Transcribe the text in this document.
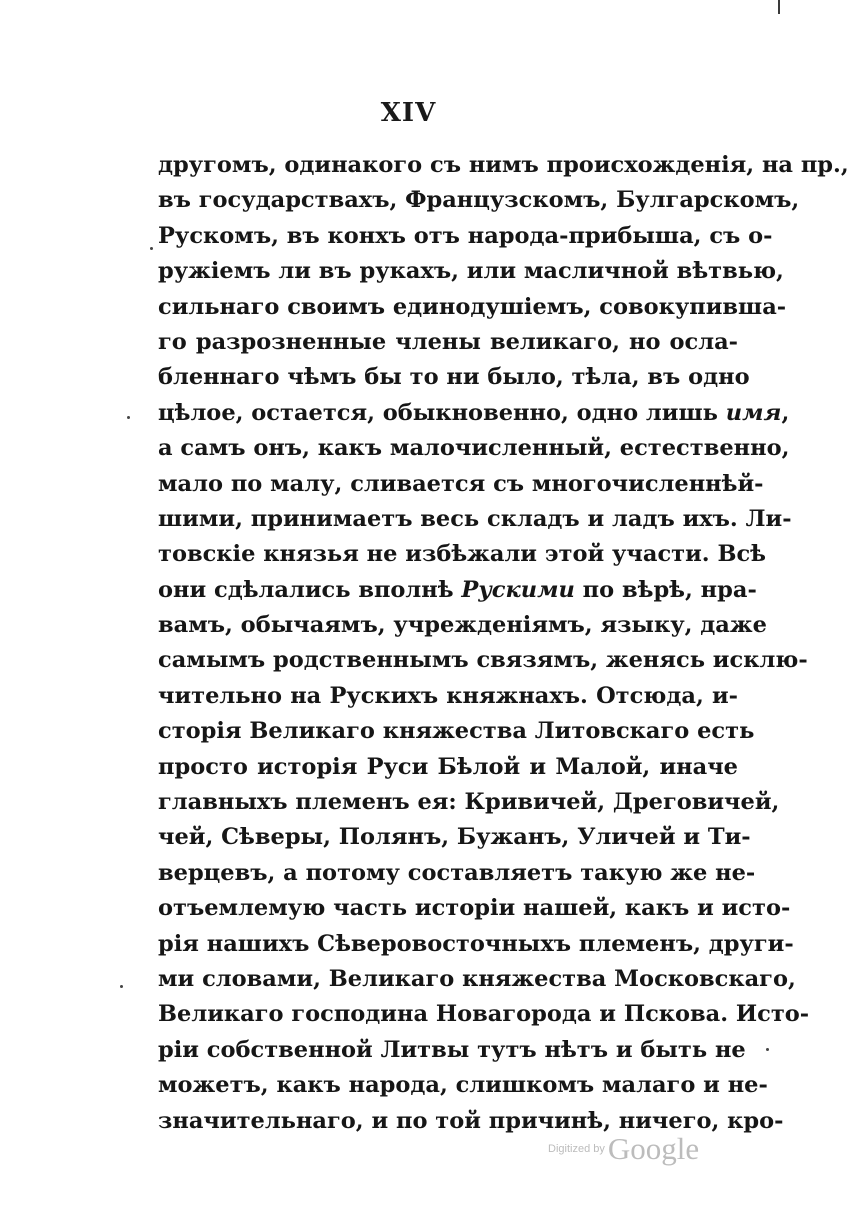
XIV
другомъ, одинакого съ нимъ происхожденія, на пр.,
въ государствахъ, Французскомъ, Булгарскомъ,
Рускомъ, въ конхъ отъ народа-прибыша, съ о-
ружіемъ ли въ рукахъ, или масличной вѣтвью,
сильнаго своимъ единодушіемъ, совокупивша-
го разрозненные члены великаго, но осла-
бленнаго чѣмъ бы то ни было, тѣла, въ одно
цѣлое, остается, обыкновенно, одно лишь имя,
а самъ онъ, какъ малочисленный, естественно,
мало по малу, сливается съ многочисленнѣй-
шими, принимаетъ весь складъ и ладъ ихъ. Ли-
товскіе князья не избѣжали этой участи. Всѣ
они сдѣлались вполнѣ Рускими по вѣрѣ, нра-
вамъ, обычаямъ, учрежденіямъ, языку, даже
самымъ родственнымъ связямъ, женясь исклю-
чительно на Рускихъ княжнахъ. Отсюда, и-
сторія Великаго княжества Литовскаго есть
просто исторія Руси Бѣлой и Малой, иначе
главныхъ племенъ ея: Кривичей, Дреговичей,
чей, Сѣверы, Полянъ, Бужанъ, Уличей и Ти-
верцевъ, а потому составляетъ такую же не-
отъемлемую часть исторіи нашей, какъ и исто-
рія нашихъ Сѣверовосточныхъ племенъ, други-
ми словами, Великаго княжества Московскаго,
Великаго господина Новагорода и Пскова. Исто-
ріи собственной Литвы тутъ нѣтъ и быть не
можетъ, какъ народа, слишкомъ малаго и не-
значительнаго, и по той причинѣ, ничего, кро-
Digitized by Google
